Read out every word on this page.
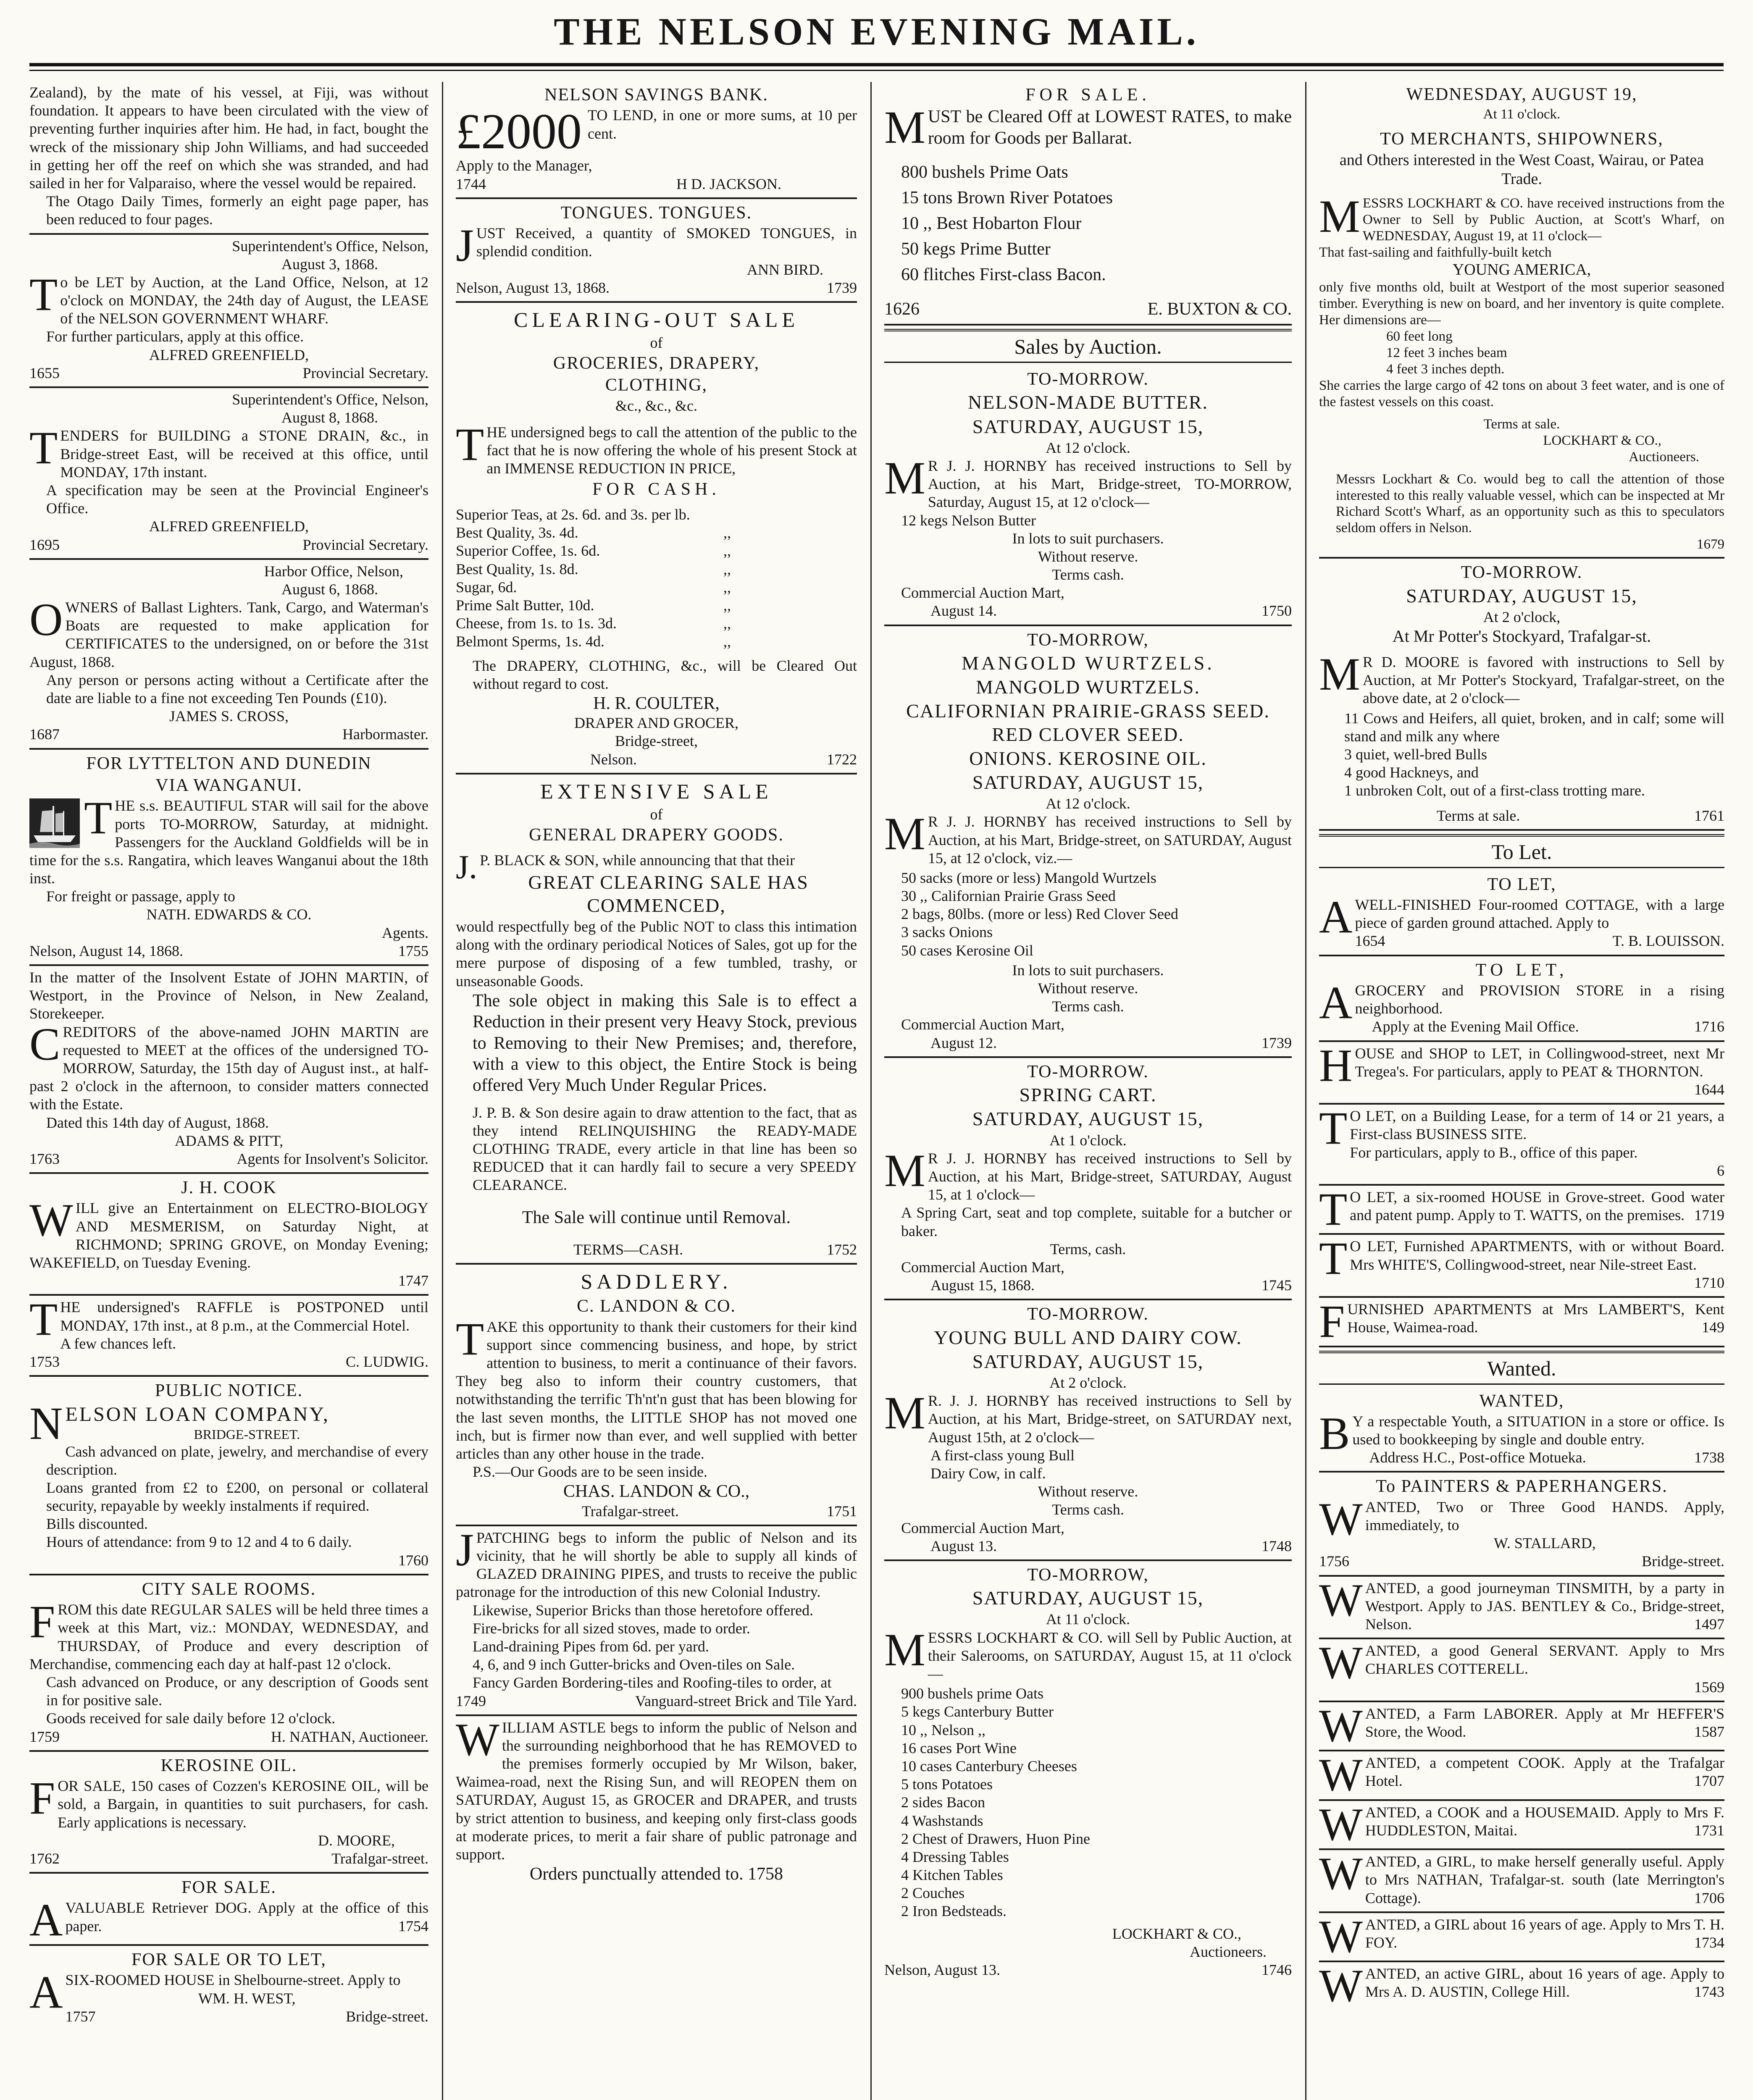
THE NELSON EVENING MAIL.

Zealand), by the mate of his vessel, at Fiji, was without foundation. It appears to have been circulated with the view of preventing further inquiries after him. He had, in fact, bought the wreck of the missionary ship John Williams, and had succeeded in getting her off the reef on which she was stranded, and had sailed in her for Valparaiso, where the vessel would be repaired.

The Otago Daily Times, formerly an eight page paper, has been reduced to four pages.

Superintendent's Office, Nelson,

August 3, 1868.

To be LET by Auction, at the Land Office, Nelson, at 12 o'clock on MONDAY, the 24th day of August, the LEASE of the NELSON GOVERNMENT WHARF.

For further particulars, apply at this office.

ALFRED GREENFIELD,

1655	Provincial Secretary.

Superintendent's Office, Nelson,

August 8, 1868.

TENDERS for BUILDING a STONE DRAIN, &c., in Bridge-street East, will be received at this office, until MONDAY, 17th instant.

A specification may be seen at the Provincial Engineer's Office.

ALFRED GREENFIELD,

1695	Provincial Secretary.

Harbor Office, Nelson,

August 6, 1868.

OWNERS of Ballast Lighters. Tank, Cargo, and Waterman's Boats are requested to make application for CERTIFICATES to the undersigned, on or before the 31st August, 1868.

Any person or persons acting without a Certificate after the date are liable to a fine not exceeding Ten Pounds (£10).

JAMES S. CROSS,

1687	Harbormaster.

FOR LYTTELTON AND DUNEDIN

VIA WANGANUI.

THE s.s. BEAUTIFUL STAR will sail for the above ports TO-MORROW, Saturday, at midnight. Passengers for the Auckland Goldfields will be in time for the s.s. Rangatira, which leaves Wanganui about the 18th inst.

For freight or passage, apply to

NATH. EDWARDS & CO.

Agents.

Nelson, August 14, 1868.	1755

In the matter of the Insolvent Estate of JOHN MARTIN, of Westport, in the Province of Nelson, in New Zealand, Storekeeper.

CREDITORS of the above-named JOHN MARTIN are requested to MEET at the offices of the undersigned TO-MORROW, Saturday, the 15th day of August inst., at half-past 2 o'clock in the afternoon, to consider matters connected with the Estate.

Dated this 14th day of August, 1868.

ADAMS & PITT,

1763	Agents for Insolvent's Solicitor.

J. H. COOK

WILL give an Entertainment on ELECTRO-BIOLOGY AND MESMERISM, on Saturday Night, at RICHMOND; SPRING GROVE, on Monday Evening; WAKEFIELD, on Tuesday Evening.

1747

THE undersigned's RAFFLE is POSTPONED until MONDAY, 17th inst., at 8 p.m., at the Commercial Hotel.

A few chances left.

1753	C. LUDWIG.

PUBLIC NOTICE.

NELSON LOAN COMPANY,

BRIDGE-STREET.

Cash advanced on plate, jewelry, and merchandise of every description.

Loans granted from £2 to £200, on personal or collateral security, repayable by weekly instalments if required.

Bills discounted.

Hours of attendance: from 9 to 12 and 4 to 6 daily.

1760

CITY SALE ROOMS.

FROM this date REGULAR SALES will be held three times a week at this Mart, viz.: MONDAY, WEDNESDAY, and THURSDAY, of Produce and every description of Merchandise, commencing each day at half-past 12 o'clock.

Cash advanced on Produce, or any description of Goods sent in for positive sale.

Goods received for sale daily before 12 o'clock.

1759	H. NATHAN, Auctioneer.

KEROSINE OIL.

FOR SALE, 150 cases of Cozzen's KEROSINE OIL, will be sold, a Bargain, in quantities to suit purchasers, for cash. Early applications is necessary.

D. MOORE,

1762	Trafalgar-street.

FOR SALE.

AVALUABLE Retriever DOG. Apply at the office of this paper.	1754

FOR SALE OR TO LET,

ASIX-ROOMED HOUSE in Shelbourne-street. Apply to

WM. H. WEST,

1757	Bridge-street.

NELSON SAVINGS BANK.

£2000 TO LEND, in one or more sums, at 10 per cent.

Apply to the Manager,

1744	H D. JACKSON.

TONGUES. TONGUES.

JUST Received, a quantity of SMOKED TONGUES, in splendid condition.

ANN BIRD.

Nelson, August 13, 1868.	1739

CLEARING-OUT SALE

of

GROCERIES, DRAPERY,

CLOTHING,

&c., &c., &c.

THE undersigned begs to call the attention of the public to the fact that he is now offering the whole of his present Stock at an IMMENSE REDUCTION IN PRICE,

FOR CASH.

Superior Teas, at 2s. 6d. and 3s. per lb.
Best Quality, 3s. 4d.	,,
Superior Coffee, 1s. 6d.	,,
Best Quality, 1s. 8d.	,,
Sugar, 6d.	,,
Prime Salt Butter, 10d.	,,
Cheese, from 1s. to 1s. 3d.	,,
Belmont Sperms, 1s. 4d.	,,

The DRAPERY, CLOTHING, &c., will be Cleared Out without regard to cost.

H. R. COULTER,

DRAPER AND GROCER,

Bridge-street,

Nelson.	1722

EXTENSIVE SALE

of

GENERAL DRAPERY GOODS.

J. P. BLACK & SON, while announcing that that their

GREAT CLEARING SALE HAS COMMENCED,

would respectfully beg of the Public NOT to class this intimation along with the ordinary periodical Notices of Sales, got up for the mere purpose of disposing of a few tumbled, trashy, or unseasonable Goods.

The sole object in making this Sale is to effect a Reduction in their present very Heavy Stock, previous to Removing to their New Premises; and, therefore, with a view to this object, the Entire Stock is being offered Very Much Under Regular Prices.

J. P. B. & Son desire again to draw attention to the fact, that as they intend RELINQUISHING the READY-MADE CLOTHING TRADE, every article in that line has been so REDUCED that it can hardly fail to secure a very SPEEDY CLEARANCE.

The Sale will continue until Removal.

TERMS—CASH.	1752

SADDLERY.

C. LANDON & CO.

TAKE this opportunity to thank their customers for their kind support since commencing business, and hope, by strict attention to business, to merit a continuance of their favors. They beg also to inform their country customers, that notwithstanding the terrific Th'nt'n gust that has been blowing for the last seven months, the LITTLE SHOP has not moved one inch, but is firmer now than ever, and well supplied with better articles than any other house in the trade.

P.S.—Our Goods are to be seen inside.

CHAS. LANDON & CO.,

Trafalgar-street.	1751

JPATCHING begs to inform the public of Nelson and its vicinity, that he will shortly be able to supply all kinds of GLAZED DRAINING PIPES, and trusts to receive the public patronage for the introduction of this new Colonial Industry.

Likewise, Superior Bricks than those heretofore offered.

Fire-bricks for all sized stoves, made to order.

Land-draining Pipes from 6d. per yard.

4, 6, and 9 inch Gutter-bricks and Oven-tiles on Sale.

Fancy Garden Bordering-tiles and Roofing-tiles to order, at

1749	Vanguard-street Brick and Tile Yard.

WILLIAM ASTLE begs to inform the public of Nelson and the surrounding neighborhood that he has REMOVED to the premises formerly occupied by Mr Wilson, baker, Waimea-road, next the Rising Sun, and will REOPEN them on SATURDAY, August 15, as GROCER and DRAPER, and trusts by strict attention to business, and keeping only first-class goods at moderate prices, to merit a fair share of public patronage and support.

Orders punctually attended to. 1758

FOR SALE.

MUST be Cleared Off at LOWEST RATES, to make room for Goods per Ballarat.

800 bushels Prime Oats

15 tons Brown River Potatoes

10 ,, Best Hobarton Flour

50 kegs Prime Butter

60 flitches First-class Bacon.

1626	E. BUXTON & CO.

Sales by Auction.

TO-MORROW.

NELSON-MADE BUTTER.

SATURDAY, AUGUST 15,

At 12 o'clock.

M R J. J. HORNBY has received instructions to Sell by Auction, at his Mart, Bridge-street, TO-MORROW, Saturday, August 15, at 12 o'clock—

12 kegs Nelson Butter

In lots to suit purchasers.

Without reserve.

Terms cash.

Commercial Auction Mart,

August 14.	1750

TO-MORROW,

MANGOLD WURTZELS.

MANGOLD WURTZELS.

CALIFORNIAN PRAIRIE-GRASS SEED. RED CLOVER SEED.

ONIONS. KEROSINE OIL.

SATURDAY, AUGUST 15,

At 12 o'clock.

M R J. J. HORNBY has received instructions to Sell by Auction, at his Mart, Bridge-street, on SATURDAY, August 15, at 12 o'clock, viz.—

50 sacks (more or less) Mangold Wurtzels

30 ,, Californian Prairie Grass Seed

2 bags, 80lbs. (more or less) Red Clover Seed

3 sacks Onions

50 cases Kerosine Oil

In lots to suit purchasers.

Without reserve.

Terms cash.

Commercial Auction Mart,

August 12.	1739

TO-MORROW.

SPRING CART.

SATURDAY, AUGUST 15,

At 1 o'clock.

M R J. J. HORNBY has received instructions to Sell by Auction, at his Mart, Bridge-street, SATURDAY, August 15, at 1 o'clock—

A Spring Cart, seat and top complete, suitable for a butcher or baker.

Terms, cash.

Commercial Auction Mart,

August 15, 1868.	1745

TO-MORROW.

YOUNG BULL AND DAIRY COW.

SATURDAY, AUGUST 15,

At 2 o'clock.

M R. J. J. HORNBY has received instructions to Sell by Auction, at his Mart, Bridge-street, on SATURDAY next, August 15th, at 2 o'clock—

A first-class young Bull

Dairy Cow, in calf.

Without reserve.

Terms cash.

Commercial Auction Mart,

August 13.	1748

TO-MORROW,

SATURDAY, AUGUST 15,

At 11 o'clock.

MESSRS LOCKHART & CO. will Sell by Public Auction, at their Salerooms, on SATURDAY, August 15, at 11 o'clock—

900 bushels prime Oats

5 kegs Canterbury Butter

10 ,, Nelson ,,

16 cases Port Wine

10 cases Canterbury Cheeses

5 tons Potatoes

2 sides Bacon

4 Washstands

2 Chest of Drawers, Huon Pine

4 Dressing Tables

4 Kitchen Tables

2 Couches

2 Iron Bedsteads.

LOCKHART & CO.,

Auctioneers.

Nelson, August 13.	1746

WEDNESDAY, AUGUST 19,

At 11 o'clock.

TO MERCHANTS, SHIPOWNERS,

and Others interested in the West Coast, Wairau, or Patea Trade.

MESSRS LOCKHART & CO. have received instructions from the Owner to Sell by Public Auction, at Scott's Wharf, on WEDNESDAY, August 19, at 11 o'clock—

That fast-sailing and faithfully-built ketch

YOUNG AMERICA,

only five months old, built at Westport of the most superior seasoned timber. Everything is new on board, and her inventory is quite complete. Her dimensions are—

60 feet long

12 feet 3 inches beam

4 feet 3 inches depth.

She carries the large cargo of 42 tons on about 3 feet water, and is one of the fastest vessels on this coast.

Terms at sale.

LOCKHART & CO.,

Auctioneers.

Messrs Lockhart & Co. would beg to call the attention of those interested to this really valuable vessel, which can be inspected at Mr Richard Scott's Wharf, as an opportunity such as this to speculators seldom offers in Nelson.

1679

TO-MORROW.

SATURDAY, AUGUST 15,

At 2 o'clock,

At Mr Potter's Stockyard, Trafalgar-st.

M R D. MOORE is favored with instructions to Sell by Auction, at Mr Potter's Stockyard, Trafalgar-street, on the above date, at 2 o'clock—

11 Cows and Heifers, all quiet, broken, and in calf; some will stand and milk any where

3 quiet, well-bred Bulls

4 good Hackneys, and

1 unbroken Colt, out of a first-class trotting mare.

Terms at sale.	1761

To Let.

TO LET,

AWELL-FINISHED Four-roomed COTTAGE, with a large piece of garden ground attached. Apply to

1654	T. B. LOUISSON.

TO LET,

AGROCERY and PROVISION STORE in a rising neighborhood.

Apply at the Evening Mail Office.	1716

HOUSE and SHOP to LET, in Collingwood-street, next Mr Tregea's. For particulars, apply to PEAT & THORNTON.
1644

T O LET, on a Building Lease, for a term of 14 or 21 years, a First-class BUSINESS SITE.

For particulars, apply to B., office of this paper.

6

T O LET, a six-roomed HOUSE in Grove-street. Good water and patent pump. Apply to T. WATTS, on the premises. 1719

T O LET, Furnished APARTMENTS, with or without Board. Mrs WHITE'S, Collingwood-street, near Nile-street East.
1710

FURNISHED APARTMENTS at Mrs LAMBERT'S, Kent House, Waimea-road.	149

Wanted.

WANTED,

B Y a respectable Youth, a SITUATION in a store or office. Is used to bookkeeping by single and double entry.

Address H.C., Post-office Motueka.	1738

To PAINTERS & PAPERHANGERS.

WANTED, Two or Three Good HANDS. Apply, immediately, to

W. STALLARD,

1756	Bridge-street.

WANTED, a good journeyman TINSMITH, by a party in Westport. Apply to JAS. BENTLEY & Co., Bridge-street, Nelson.	1497

WANTED, a good General SERVANT. Apply to Mrs CHARLES COTTERELL.

1569

WANTED, a Farm LABORER. Apply at Mr HEFFER'S Store, the Wood.	1587

WANTED, a competent COOK. Apply at the Trafalgar Hotel.	1707

WANTED, a COOK and a HOUSEMAID. Apply to Mrs F. HUDDLESTON, Maitai.	1731

WANTED, a GIRL, to make herself generally useful. Apply to Mrs NATHAN, Trafalgar-st. south (late Merrington's Cottage).	1706

WANTED, a GIRL about 16 years of age. Apply to Mrs T. H. FOY.	1734

WANTED, an active GIRL, about 16 years of age. Apply to Mrs A. D. AUSTIN, College Hill.	1743
